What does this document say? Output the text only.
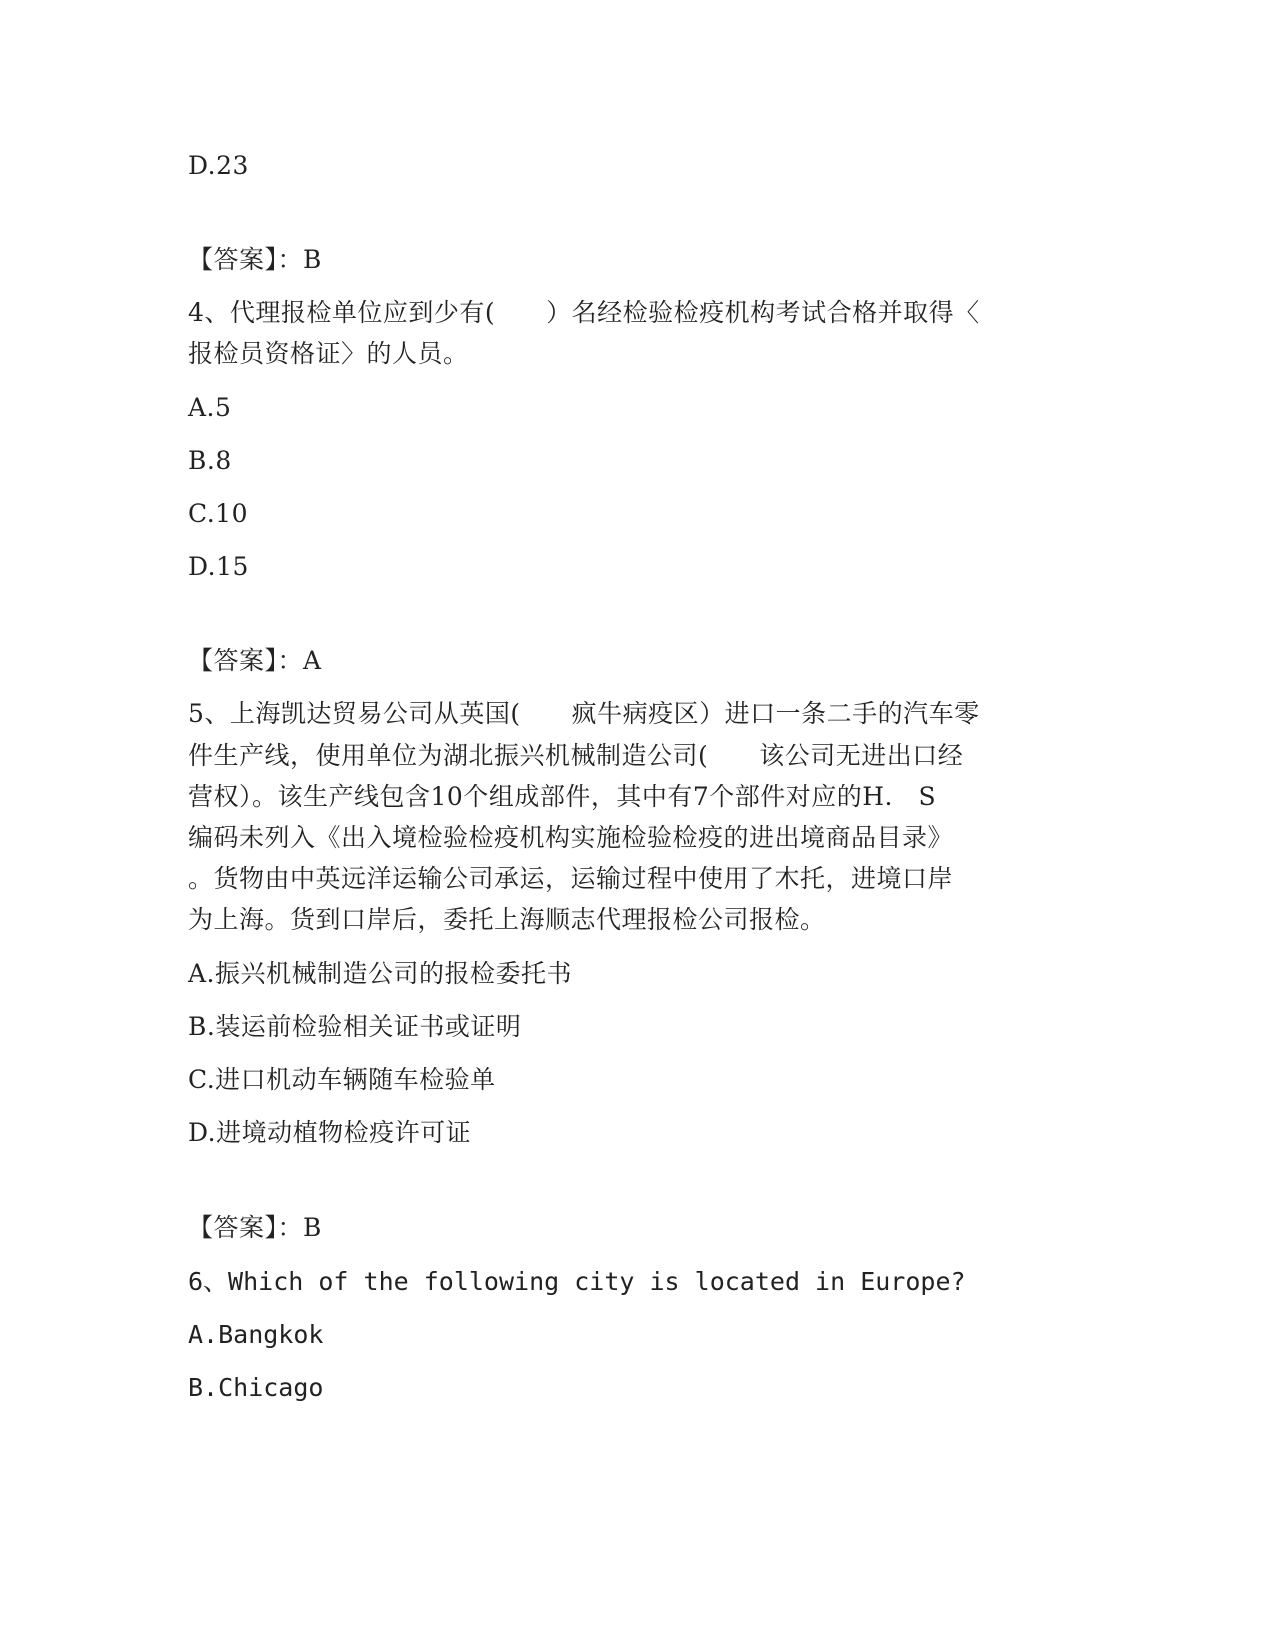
D.23
【答案】：B
4、代理报检单位应到少有(　　）名经检验检疫机构考试合格并取得〈
报检员资格证〉的人员。
A.5
B.8
C.10
D.15
【答案】：A
5、上海凯达贸易公司从英国(　　疯牛病疫区）进口一条二手的汽车零
件生产线，使用单位为湖北振兴机械制造公司(　　该公司无进出口经
营权）。该生产线包含10个组成部件，其中有7个部件对应的H.　S
编码未列入《出入境检验检疫机构实施检验检疫的进出境商品目录》
。货物由中英远洋运输公司承运，运输过程中使用了木托，进境口岸
为上海。货到口岸后，委托上海顺志代理报检公司报检。
A.振兴机械制造公司的报检委托书
B.装运前检验相关证书或证明
C.进口机动车辆随车检验单
D.进境动植物检疫许可证
【答案】：B
6、Which of the following city is located in Europe?
A.Bangkok
B.Chicago
